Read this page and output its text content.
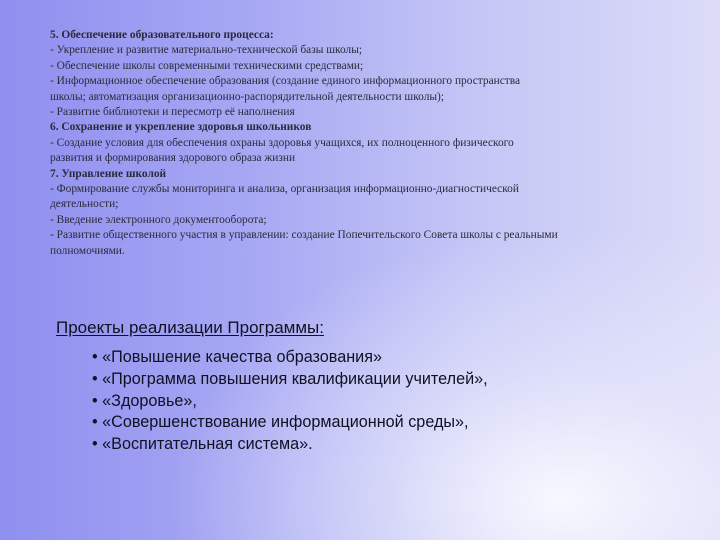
5. Обеспечение образовательного процесса:
- Укрепление и развитие материально-технической базы школы;
- Обеспечение школы современными техническими средствами;
- Информационное обеспечение образования (создание единого информационного пространства
школы; автоматизация организационно-распорядительной деятельности школы);
- Развитие библиотеки и пересмотр её наполнения
6. Сохранение и укрепление здоровья школьников
- Создание условия для обеспечения охраны здоровья учащихся, их полноценного физического
развития и формирования здорового образа жизни
7. Управление школой
- Формирование службы мониторинга и анализа, организация информационно-диагностической
деятельности;
- Введение электронного документооборота;
- Развитие общественного участия в управлении: создание Попечительского Совета школы с реальными
полномочиями.
Проекты реализации Программы:
• «Повышение качества образования»
• «Программа повышения квалификации учителей»,
• «Здоровье»,
• «Совершенствование информационной среды»,
• «Воспитательная система».
